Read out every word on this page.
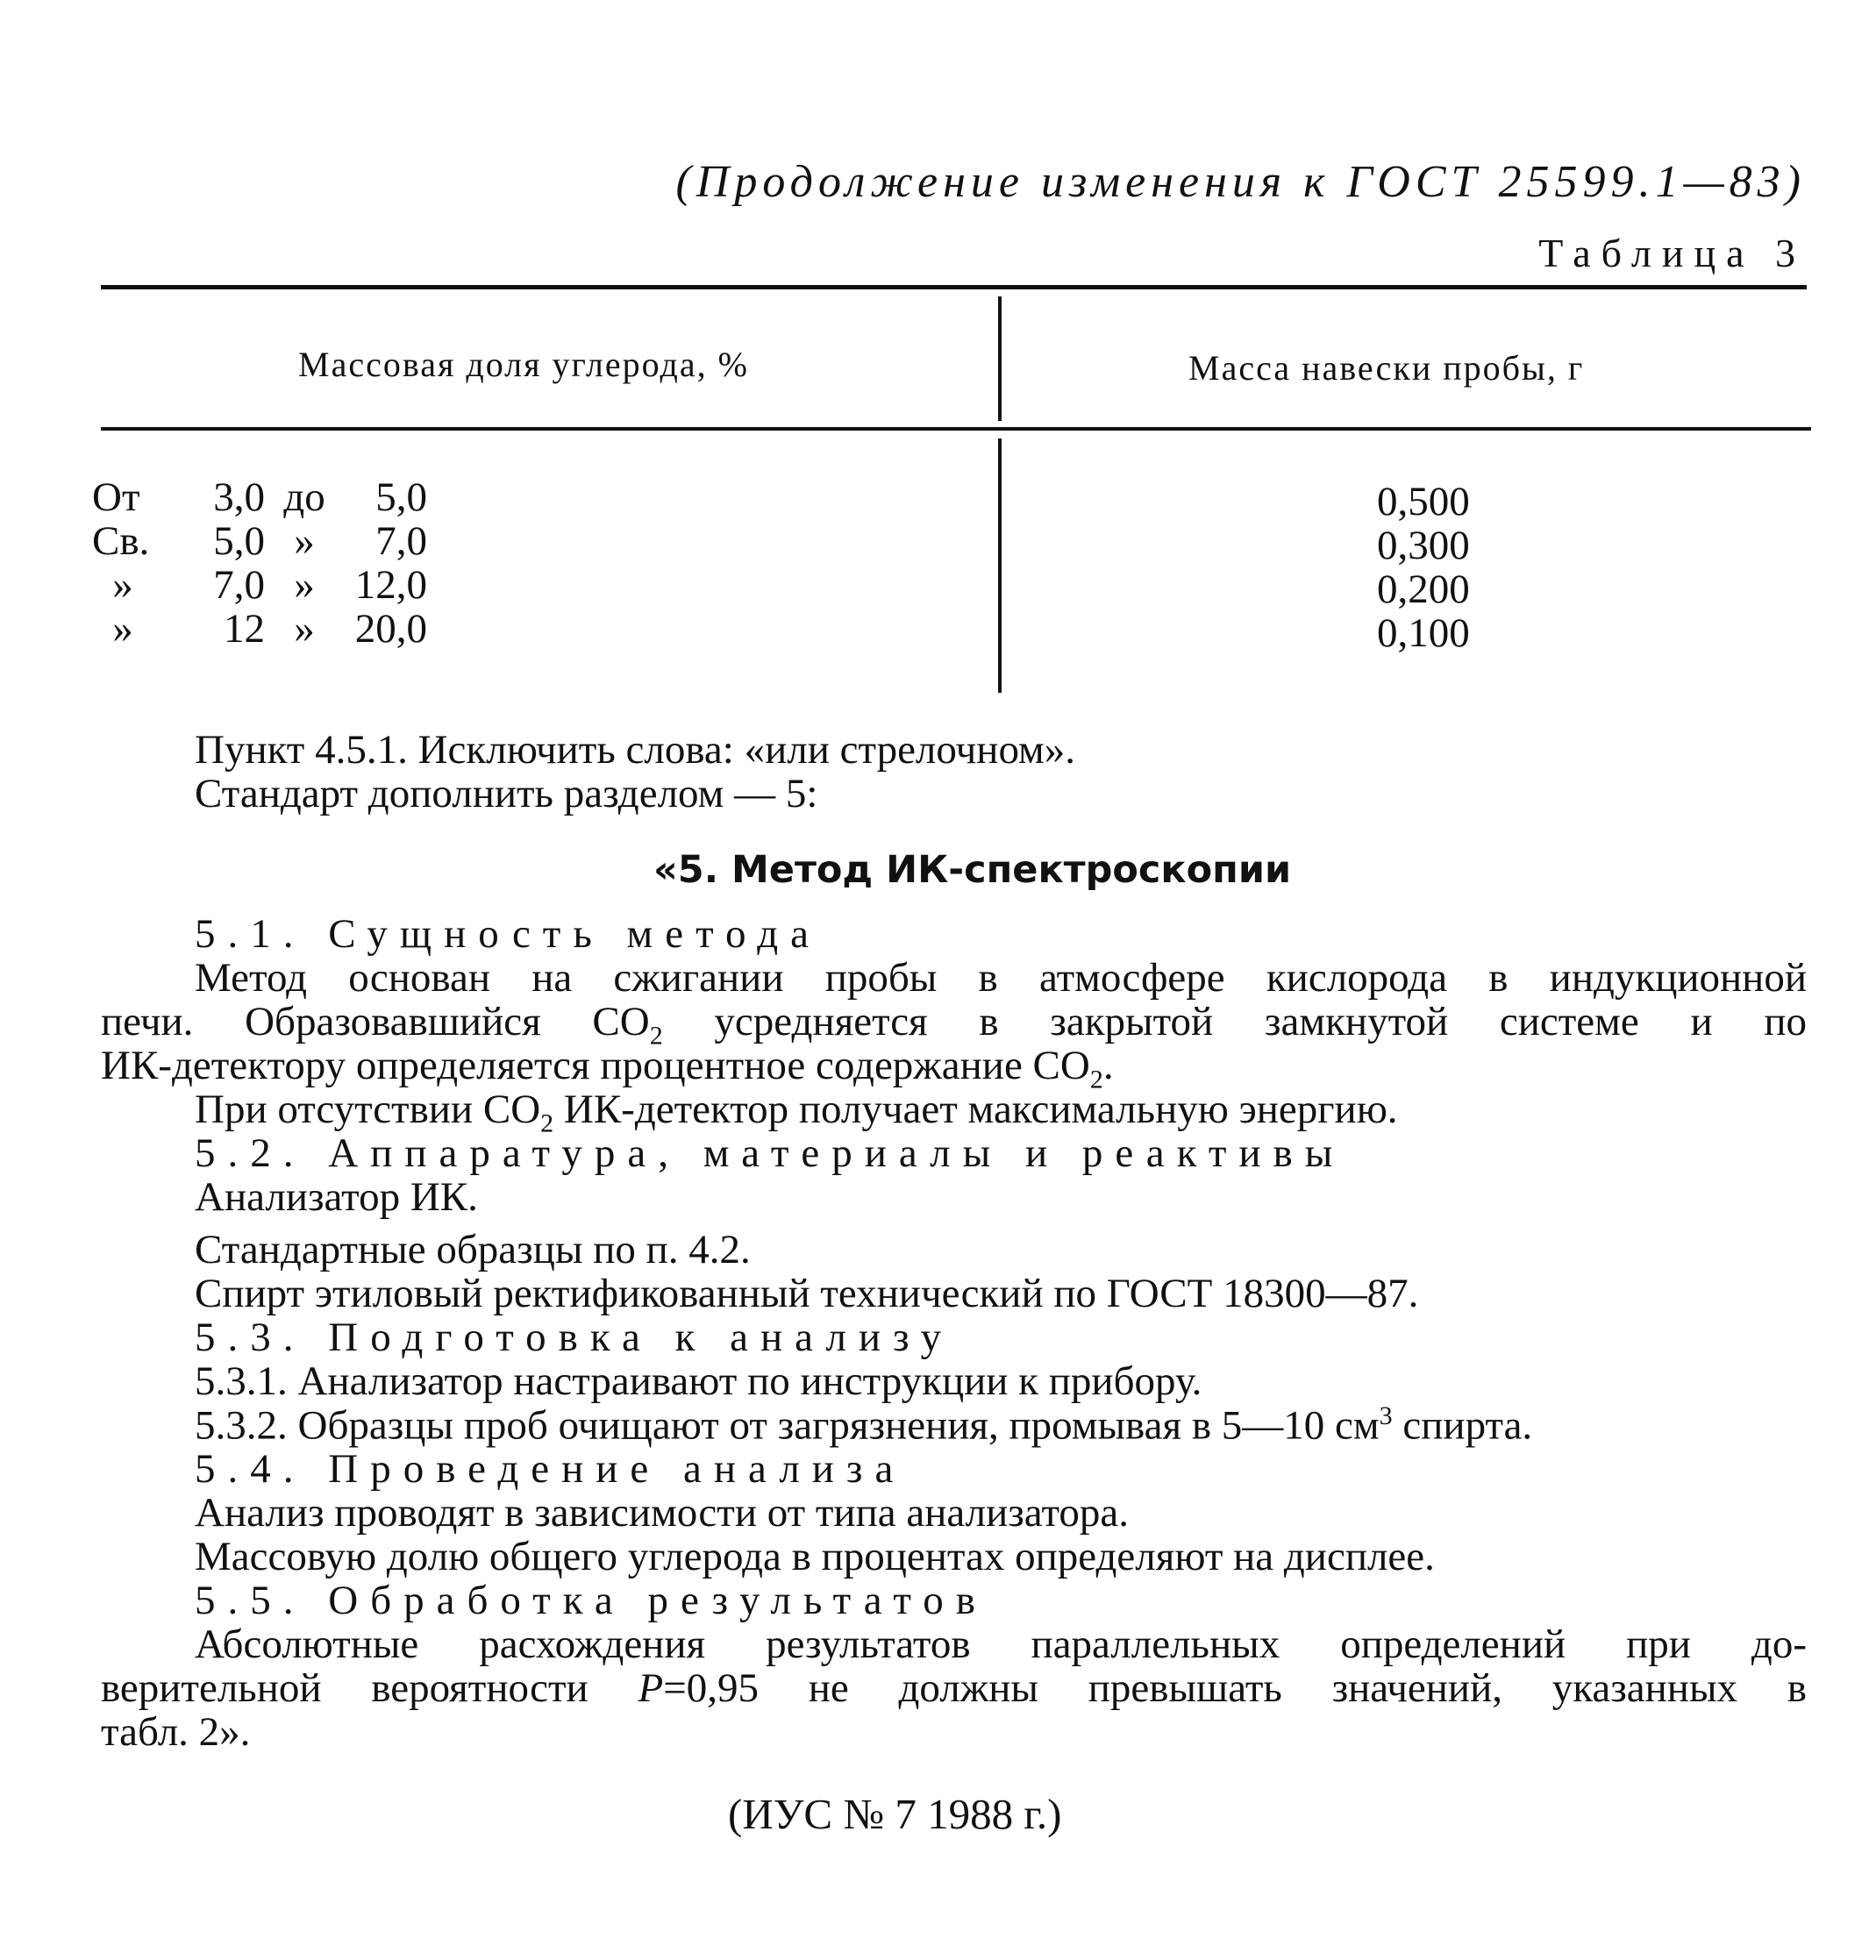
(Продолжение изменения к ГОСТ 25599.1—83)
Таблица 3
Массовая доля углерода, %	Масса навески пробы, г
От 3,0 до 5,0
Св. 5,0 » 7,0
» 7,0 » 12,0
» 12 » 20,0
0,500
0,300
0,200
0,100
Пункт 4.5.1. Исключить слова: «или стрелочном».
Стандарт дополнить разделом — 5:
«5. Метод ИК-спектроскопии
5.1. Сущность метода
Метод основан на сжигании пробы в атмосфере кислорода в индукционной
печи. Образовавшийся $CO_2$ усредняется в закрытой замкнутой системе и по
ИК-детектору определяется процентное содержание $CO_2$.
При отсутствии $CO_2$ ИК-детектор получает максимальную энергию.
5.2. Аппаратура, материалы и реактивы
Анализатор ИК.
Стандартные образцы по п. 4.2.
Спирт этиловый ректификованный технический по ГОСТ 18300—87.
5.3. Подготовка к анализу
5.3.1. Анализатор настраивают по инструкции к прибору.
5.3.2. Образцы проб очищают от загрязнения, промывая в 5—10 $см^3$ спирта.
5.4. Проведение анализа
Анализ проводят в зависимости от типа анализатора.
Массовую долю общего углерода в процентах определяют на дисплее.
5.5. Обработка результатов
Абсолютные расхождения результатов параллельных определений при до-
верительной вероятности P=0,95 не должны превышать значений, указанных в
табл. 2».
(ИУС № 7 1988 г.)
